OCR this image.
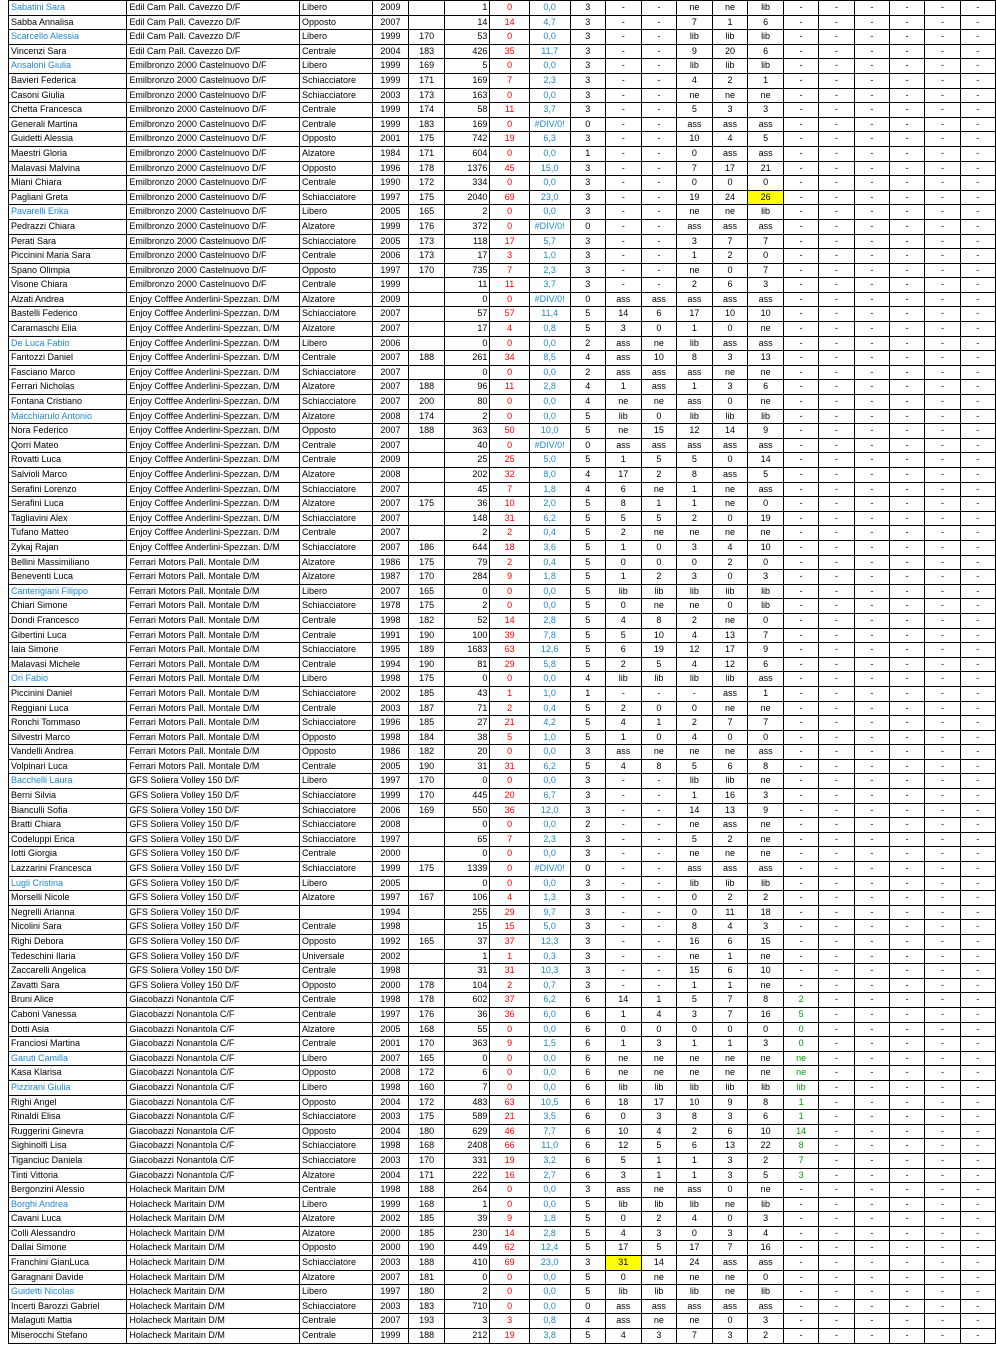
Sabatini Sara	Edil Cam Pall. Cavezzo D/F	Libero	2009		1	0	0,0	3	-	-	ne	ne	lib	-	-	-	-	-	-
Sabba Annalisa	Edil Cam Pall. Cavezzo D/F	Opposto	2007		14	14	4,7	3	-	-	7	1	6	-	-	-	-	-	-
Scarcello Alessia	Edil Cam Pall. Cavezzo D/F	Libero	1999	170	53	0	0,0	3	-	-	lib	lib	lib	-	-	-	-	-	-
Vincenzi Sara	Edil Cam Pall. Cavezzo D/F	Centrale	2004	183	426	35	11,7	3	-	-	9	20	6	-	-	-	-	-	-
Ansaloni Giulia	Emilbronzo 2000 Castelnuovo D/F	Libero	1999	169	5	0	0,0	3	-	-	lib	lib	lib	-	-	-	-	-	-
Bavieri Federica	Emilbronzo 2000 Castelnuovo D/F	Schiacciatore	1999	171	169	7	2,3	3	-	-	4	2	1	-	-	-	-	-	-
Casoni Giulia	Emilbronzo 2000 Castelnuovo D/F	Schiacciatore	2003	173	163	0	0,0	3	-	-	ne	ne	ne	-	-	-	-	-	-
Chetta Francesca	Emilbronzo 2000 Castelnuovo D/F	Centrale	1999	174	58	11	3,7	3	-	-	5	3	3	-	-	-	-	-	-
Generali Martina	Emilbronzo 2000 Castelnuovo D/F	Centrale	1999	183	169	0	#DIV/0!	0	-	-	ass	ass	ass	-	-	-	-	-	-
Guidetti Alessia	Emilbronzo 2000 Castelnuovo D/F	Opposto	2001	175	742	19	6,3	3	-	-	10	4	5	-	-	-	-	-	-
Maestri Gloria	Emilbronzo 2000 Castelnuovo D/F	Alzatore	1984	171	604	0	0,0	1	-	-	0	ass	ass	-	-	-	-	-	-
Malavasi Malvina	Emilbronzo 2000 Castelnuovo D/F	Opposto	1996	178	1376	45	15,0	3	-	-	7	17	21	-	-	-	-	-	-
Miani Chiara	Emilbronzo 2000 Castelnuovo D/F	Centrale	1990	172	334	0	0,0	3	-	-	0	0	0	-	-	-	-	-	-
Pagliani Greta	Emilbronzo 2000 Castelnuovo D/F	Schiacciatore	1997	175	2040	69	23,0	3	-	-	19	24	26	-	-	-	-	-	-
Pavarelli Erika	Emilbronzo 2000 Castelnuovo D/F	Libero	2005	165	2	0	0,0	3	-	-	ne	ne	lib	-	-	-	-	-	-
Pedrazzi Chiara	Emilbronzo 2000 Castelnuovo D/F	Alzatore	1999	176	372	0	#DIV/0!	0	-	-	ass	ass	ass	-	-	-	-	-	-
Perati Sara	Emilbronzo 2000 Castelnuovo D/F	Schiacciatore	2005	173	118	17	5,7	3	-	-	3	7	7	-	-	-	-	-	-
Piccinini Maria Sara	Emilbronzo 2000 Castelnuovo D/F	Centrale	2006	173	17	3	1,0	3	-	-	1	2	0	-	-	-	-	-	-
Spano Olimpia	Emilbronzo 2000 Castelnuovo D/F	Opposto	1997	170	735	7	2,3	3	-	-	ne	0	7	-	-	-	-	-	-
Visone Chiara	Emilbronzo 2000 Castelnuovo D/F	Centrale	1999		11	11	3,7	3	-	-	2	6	3	-	-	-	-	-	-
Alzati Andrea	Enjoy Cofffee Anderlini-Spezzan. D/M	Alzatore	2009		0	0	#DIV/0!	0	ass	ass	ass	ass	ass	-	-	-	-	-	-
Bastelli Federico	Enjoy Cofffee Anderlini-Spezzan. D/M	Schiacciatore	2007		57	57	11,4	5	14	6	17	10	10	-	-	-	-	-	-
Caramaschi Elia	Enjoy Cofffee Anderlini-Spezzan. D/M	Alzatore	2007		17	4	0,8	5	3	0	1	0	ne	-	-	-	-	-	-
De Luca Fabio	Enjoy Cofffee Anderlini-Spezzan. D/M	Libero	2006		0	0	0,0	2	ass	ne	lib	ass	ass	-	-	-	-	-	-
Fantozzi Daniel	Enjoy Cofffee Anderlini-Spezzan. D/M	Centrale	2007	188	261	34	8,5	4	ass	10	8	3	13	-	-	-	-	-	-
Fasciano Marco	Enjoy Cofffee Anderlini-Spezzan. D/M	Schiacciatore	2007		0	0	0,0	2	ass	ass	ass	ne	ne	-	-	-	-	-	-
Ferrari Nicholas	Enjoy Cofffee Anderlini-Spezzan. D/M	Alzatore	2007	188	96	11	2,8	4	1	ass	1	3	6	-	-	-	-	-	-
Fontana Cristiano	Enjoy Cofffee Anderlini-Spezzan. D/M	Schiacciatore	2007	200	80	0	0,0	4	ne	ne	ass	0	ne	-	-	-	-	-	-
Macchiarulo Antonio	Enjoy Cofffee Anderlini-Spezzan. D/M	Alzatore	2008	174	2	0	0,0	5	lib	0	lib	lib	lib	-	-	-	-	-	-
Nora Federico	Enjoy Cofffee Anderlini-Spezzan. D/M	Opposto	2007	188	363	50	10,0	5	ne	15	12	14	9	-	-	-	-	-	-
Qorri Mateo	Enjoy Cofffee Anderlini-Spezzan. D/M	Centrale	2007		40	0	#DIV/0!	0	ass	ass	ass	ass	ass	-	-	-	-	-	-
Rovatti Luca	Enjoy Cofffee Anderlini-Spezzan. D/M	Centrale	2009		25	25	5,0	5	1	5	5	0	14	-	-	-	-	-	-
Salvioli Marco	Enjoy Cofffee Anderlini-Spezzan. D/M	Alzatore	2008		202	32	8,0	4	17	2	8	ass	5	-	-	-	-	-	-
Serafini Lorenzo	Enjoy Cofffee Anderlini-Spezzan. D/M	Schiacciatore	2007		45	7	1,8	4	6	ne	1	ne	ass	-	-	-	-	-	-
Serafini Luca	Enjoy Cofffee Anderlini-Spezzan. D/M	Alzatore	2007	175	36	10	2,0	5	8	1	1	ne	0	-	-	-	-	-	-
Tagliavini Alex	Enjoy Cofffee Anderlini-Spezzan. D/M	Schiacciatore	2007		148	31	6,2	5	5	5	2	0	19	-	-	-	-	-	-
Tufano Matteo	Enjoy Cofffee Anderlini-Spezzan. D/M	Centrale	2007		2	2	0,4	5	2	ne	ne	ne	ne	-	-	-	-	-	-
Zykaj Rajan	Enjoy Cofffee Anderlini-Spezzan. D/M	Schiacciatore	2007	186	644	18	3,6	5	1	0	3	4	10	-	-	-	-	-	-
Bellini Massimiliano	Ferrari Motors Pall. Montale D/M	Alzatore	1986	175	79	2	0,4	5	0	0	0	2	0	-	-	-	-	-	-
Beneventi Luca	Ferrari Motors Pall. Montale D/M	Alzatore	1987	170	284	9	1,8	5	1	2	3	0	3	-	-	-	-	-	-
Canterigiani Filippo	Ferrari Motors Pall. Montale D/M	Libero	2007	165	0	0	0,0	5	lib	lib	lib	lib	lib	-	-	-	-	-	-
Chiari Simone	Ferrari Motors Pall. Montale D/M	Schiacciatore	1978	175	2	0	0,0	5	0	ne	ne	0	lib	-	-	-	-	-	-
Dondi Francesco	Ferrari Motors Pall. Montale D/M	Centrale	1998	182	52	14	2,8	5	4	8	2	ne	0	-	-	-	-	-	-
Gibertini Luca	Ferrari Motors Pall. Montale D/M	Centrale	1991	190	100	39	7,8	5	5	10	4	13	7	-	-	-	-	-	-
Iaia Simone	Ferrari Motors Pall. Montale D/M	Schiacciatore	1995	189	1683	63	12,6	5	6	19	12	17	9	-	-	-	-	-	-
Malavasi Michele	Ferrari Motors Pall. Montale D/M	Centrale	1994	190	81	29	5,8	5	2	5	4	12	6	-	-	-	-	-	-
Ori Fabio	Ferrari Motors Pall. Montale D/M	Libero	1998	175	0	0	0,0	4	lib	lib	lib	lib	ass	-	-	-	-	-	-
Piccinini Daniel	Ferrari Motors Pall. Montale D/M	Schiacciatore	2002	185	43	1	1,0	1	-	-	-	ass	1	-	-	-	-	-	-
Reggiani Luca	Ferrari Motors Pall. Montale D/M	Centrale	2003	187	71	2	0,4	5	2	0	0	ne	ne	-	-	-	-	-	-
Ronchi Tommaso	Ferrari Motors Pall. Montale D/M	Schiacciatore	1996	185	27	21	4,2	5	4	1	2	7	7	-	-	-	-	-	-
Silvestri Marco	Ferrari Motors Pall. Montale D/M	Opposto	1998	184	38	5	1,0	5	1	0	4	0	0	-	-	-	-	-	-
Vandelli Andrea	Ferrari Motors Pall. Montale D/M	Opposto	1986	182	20	0	0,0	3	ass	ne	ne	ne	ass	-	-	-	-	-	-
Volpinari Luca	Ferrari Motors Pall. Montale D/M	Centrale	2005	190	31	31	6,2	5	4	8	5	6	8	-	-	-	-	-	-
Bacchelli Laura	GFS Soliera Volley 150 D/F	Libero	1997	170	0	0	0,0	3	-	-	lib	lib	ne	-	-	-	-	-	-
Berni Silvia	GFS Soliera Volley 150 D/F	Schiacciatore	1999	170	445	20	6,7	3	-	-	1	16	3	-	-	-	-	-	-
Bianculli Sofia	GFS Soliera Volley 150 D/F	Schiacciatore	2006	169	550	36	12,0	3	-	-	14	13	9	-	-	-	-	-	-
Bratti Chiara	GFS Soliera Volley 150 D/F	Schiacciatore	2008		0	0	0,0	2	-	-	ne	ass	ne	-	-	-	-	-	-
Codeluppi Erica	GFS Soliera Volley 150 D/F	Schiacciatore	1997		65	7	2,3	3	-	-	5	2	ne	-	-	-	-	-	-
Iotti Giorgia	GFS Soliera Volley 150 D/F	Centrale	2000		0	0	0,0	3	-	-	ne	ne	ne	-	-	-	-	-	-
Lazzarini Francesca	GFS Soliera Volley 150 D/F	Schiacciatore	1999	175	1339	0	#DIV/0!	0	-	-	ass	ass	ass	-	-	-	-	-	-
Lugli Cristina	GFS Soliera Volley 150 D/F	Libero	2005		0	0	0,0	3	-	-	lib	lib	lib	-	-	-	-	-	-
Morselli Nicole	GFS Soliera Volley 150 D/F	Alzatore	1997	167	106	4	1,3	3	-	-	0	2	2	-	-	-	-	-	-
Negrelli Arianna	GFS Soliera Volley 150 D/F		1994		255	29	9,7	3	-	-	0	11	18	-	-	-	-	-	-
Nicolini Sara	GFS Soliera Volley 150 D/F	Centrale	1998		15	15	5,0	3	-	-	8	4	3	-	-	-	-	-	-
Righi Debora	GFS Soliera Volley 150 D/F	Opposto	1992	165	37	37	12,3	3	-	-	16	6	15	-	-	-	-	-	-
Tedeschini Ilaria	GFS Soliera Volley 150 D/F	Universale	2002		1	1	0,3	3	-	-	ne	1	ne	-	-	-	-	-	-
Zaccarelli Angelica	GFS Soliera Volley 150 D/F	Centrale	1998		31	31	10,3	3	-	-	15	6	10	-	-	-	-	-	-
Zavatti Sara	GFS Soliera Volley 150 D/F	Opposto	2000	178	104	2	0,7	3	-	-	1	1	ne	-	-	-	-	-	-
Bruni Alice	Giacobazzi Nonantola C/F	Centrale	1998	178	602	37	6,2	6	14	1	5	7	8	2	-	-	-	-	-
Caboni Vanessa	Giacobazzi Nonantola C/F	Centrale	1997	176	36	36	6,0	6	1	4	3	7	16	5	-	-	-	-	-
Dotti Asia	Giacobazzi Nonantola C/F	Alzatore	2005	168	55	0	0,0	6	0	0	0	0	0	0	-	-	-	-	-
Franciosi Martina	Giacobazzi Nonantola C/F	Centrale	2001	170	363	9	1,5	6	1	3	1	1	3	0	-	-	-	-	-
Garuti Camilla	Giacobazzi Nonantola C/F	Libero	2007	165	0	0	0,0	6	ne	ne	ne	ne	ne	ne	-	-	-	-	-
Kasa Klarisa	Giacobazzi Nonantola C/F	Opposto	2008	172	6	0	0,0	6	ne	ne	ne	ne	ne	ne	-	-	-	-	-
Pizzirani Giulia	Giacobazzi Nonantola C/F	Libero	1998	160	7	0	0,0	6	lib	lib	lib	lib	lib	lib	-	-	-	-	-
Righi Angel	Giacobazzi Nonantola C/F	Opposto	2004	172	483	63	10,5	6	18	17	10	9	8	1	-	-	-	-	-
Rinaldi Elisa	Giacobazzi Nonantola C/F	Schiacciatore	2003	175	589	21	3,5	6	0	3	8	3	6	1	-	-	-	-	-
Ruggerini Ginevra	Giacobazzi Nonantola C/F	Opposto	2004	180	629	46	7,7	6	10	4	2	6	10	14	-	-	-	-	-
Sighinolfi Lisa	Giacobazzi Nonantola C/F	Schiacciatore	1998	168	2408	66	11,0	6	12	5	6	13	22	8	-	-	-	-	-
Tiganciuc Daniela	Giacobazzi Nonantola C/F	Schiacciatore	2003	170	331	19	3,2	6	5	1	1	3	2	7	-	-	-	-	-
Tinti Vittoria	Giacobazzi Nonantola C/F	Alzatore	2004	171	222	16	2,7	6	3	1	1	3	5	3	-	-	-	-	-
Bergonzini Alessio	Holacheck Maritain D/M	Centrale	1998	188	264	0	0,0	3	ass	ne	ass	0	ne	-	-	-	-	-	-
Borghi Andrea	Holacheck Maritain D/M	Libero	1999	168	1	0	0,0	5	lib	lib	lib	ne	lib	-	-	-	-	-	-
Cavani Luca	Holacheck Maritain D/M	Alzatore	2002	185	39	9	1,8	5	0	2	4	0	3	-	-	-	-	-	-
Colli Alessandro	Holacheck Maritain D/M	Alzatore	2000	185	230	14	2,8	5	4	3	0	3	4	-	-	-	-	-	-
Dallai Simone	Holacheck Maritain D/M	Opposto	2000	190	449	62	12,4	5	17	5	17	7	16	-	-	-	-	-	-
Franchini GianLuca	Holacheck Maritain D/M	Schiacciatore	2003	188	410	69	23,0	3	31	14	24	ass	ass	-	-	-	-	-	-
Garagnani Davide	Holacheck Maritain D/M	Alzatore	2007	181	0	0	0,0	5	0	ne	ne	ne	0	-	-	-	-	-	-
Guidetti Nicolas	Holacheck Maritain D/M	Libero	1997	180	2	0	0,0	5	lib	lib	lib	ne	lib	-	-	-	-	-	-
Incerti Barozzi Gabriel	Holacheck Maritain D/M	Schiacciatore	2003	183	710	0	0,0	0	ass	ass	ass	ass	ass	-	-	-	-	-	-
Malaguti Mattia	Holacheck Maritain D/M	Centrale	2007	193	3	3	0,8	4	ass	ne	ne	0	3	-	-	-	-	-	-
Miserocchi Stefano	Holacheck Maritain D/M	Centrale	1999	188	212	19	3,8	5	4	3	7	3	2	-	-	-	-	-	-
